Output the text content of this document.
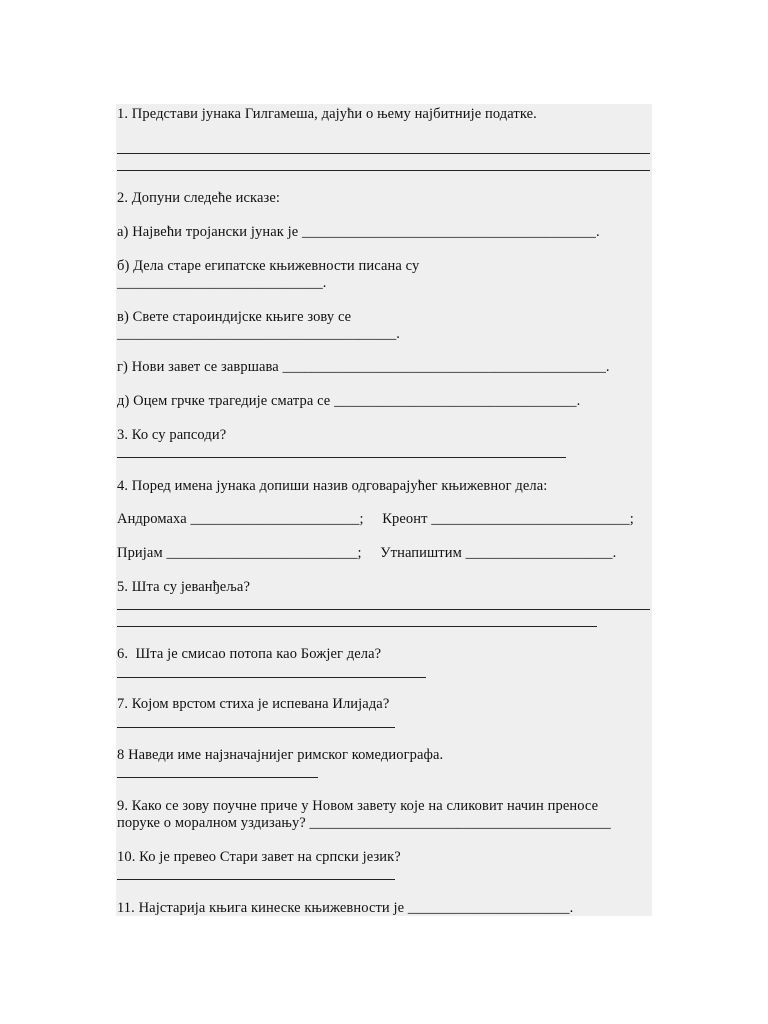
1. Представи јунака Гилгамеша, дајући о њему најбитније податке.
2. Допуни следеће исказе:
а) Највећи тројански јунак је ________________________________________.
б) Дела старе египатске књижевности писана су
____________________________.
в) Свете староиндијске књиге зову се
______________________________________.
г) Нови завет се завршава ____________________________________________.
д) Оцем грчке трагедије сматра се _________________________________.
3. Ко су рапсоди?
4. Поред имена јунака допиши назив одговарајућег књижевног дела:
Андромаха _______________________;     Креонт ___________________________;
Пријам __________________________;     Утнапиштим ____________________.
5. Шта су јеванђеља?
6.  Шта је смисао потопа као Божјег дела?
7. Којом врстом стиха је испевана Илијада?
8 Наведи име најзначајнијег римског комедиографа.
9. Како се зову поучне приче у Новом завету које на сликовит начин преносе
поруке о моралном уздизању? _________________________________________
10. Ко је превео Стари завет на српски језик?
11. Најстарија књига кинеске књижевности је ______________________.
